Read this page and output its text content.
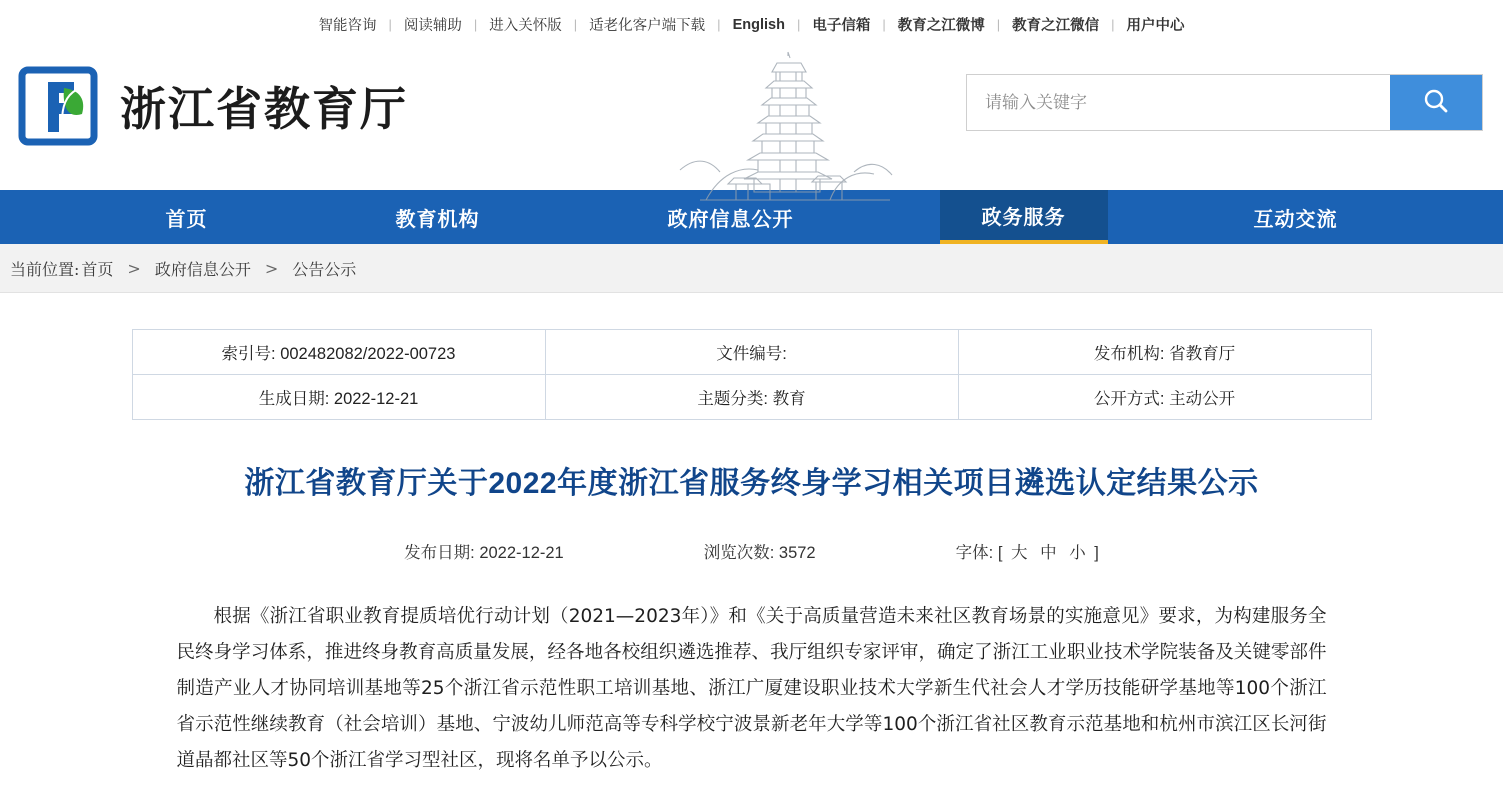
智能咨询 | 阅读辅助 | 进入关怀版 | 适老化客户端下载 | English | 电子信箱 | 教育之江微博 | 教育之江微信 | 用户中心
浙江省教育厅
请输入关键字
首页	教育机构	政府信息公开	政务服务	互动交流
当前位置: 首页 > 政府信息公开 > 公告公示
索引号: 002482082/2022-00723	文件编号:	发布机构: 省教育厅
生成日期: 2022-12-21	主题分类: 教育	公开方式: 主动公开
浙江省教育厅关于2022年度浙江省服务终身学习相关项目遴选认定结果公示
发布日期: 2022-12-21	浏览次数: 3572	字体: [ 大 中 小 ]

根据《浙江省职业教育提质培优行动计划（2021—2023年）》和《关于高质量营造未来社区教育场景的实施意见》要求，为构建服务全民终身学习体系，推进终身教育高质量发展，经各地各校组织遴选推荐、我厅组织专家评审，确定了浙江工业职业技术学院装备及关键零部件制造产业人才协同培训基地等25个浙江省示范性职工培训基地、浙江广厦建设职业技术大学新生代社会人才学历技能研学基地等100个浙江省示范性继续教育（社会培训）基地、宁波幼儿师范高等专科学校宁波景新老年大学等100个浙江省社区教育示范基地和杭州市滨江区长河街道晶都社区等50个浙江省学习型社区，现将名单予以公示。
